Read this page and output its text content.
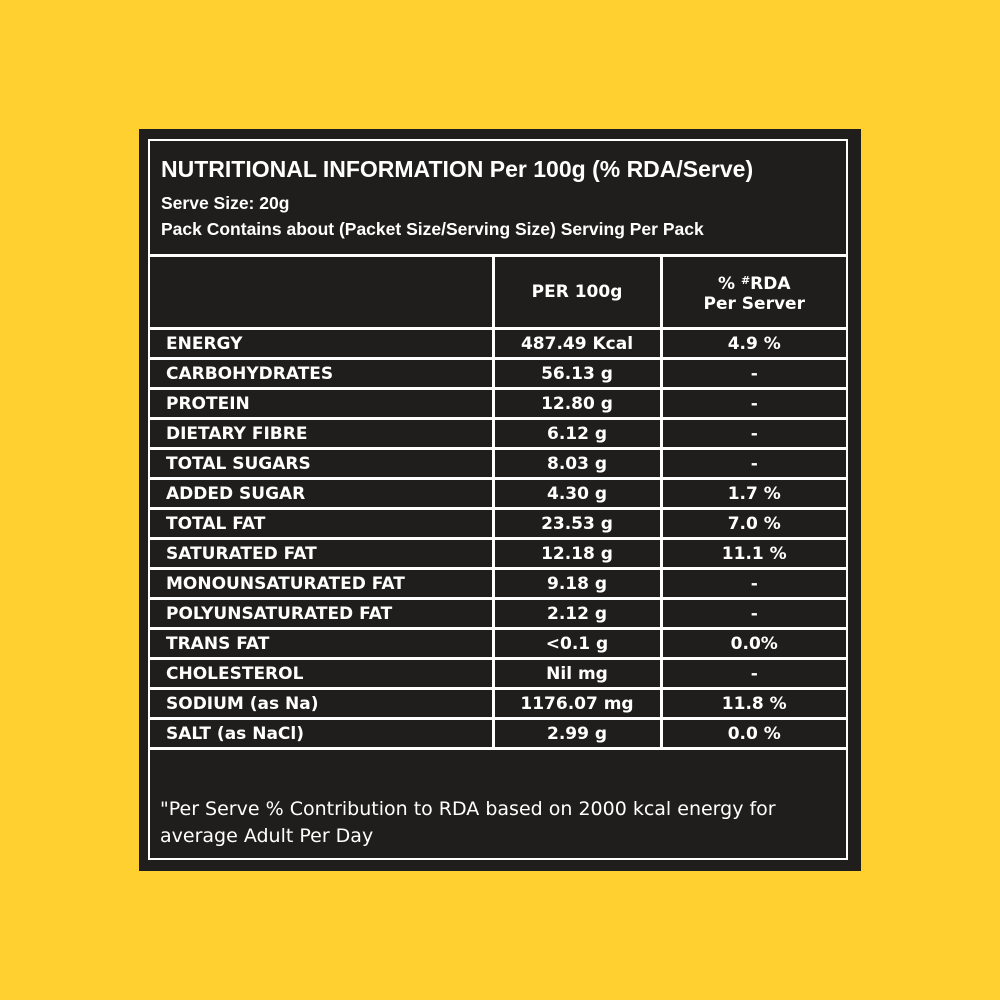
NUTRITIONAL INFORMATION Per 100g (% RDA/Serve)
Serve Size: 20g
Pack Contains about (Packet Size/Serving Size) Serving Per Pack
	PER 100g	% #RDA
Per Server
ENERGY	487.49 Kcal	4.9 %
CARBOHYDRATES	56.13 g	-
PROTEIN	12.80 g	-
DIETARY FIBRE	6.12 g	-
TOTAL SUGARS	8.03 g	-
ADDED SUGAR	4.30 g	1.7 %
TOTAL FAT	23.53 g	7.0 %
SATURATED FAT	12.18 g	11.1 %
MONOUNSATURATED FAT	9.18 g	-
POLYUNSATURATED FAT	2.12 g	-
TRANS FAT	<0.1 g	0.0%
CHOLESTEROL	Nil mg	-
SODIUM (as Na)	1176.07 mg	11.8 %
SALT (as NaCl)	2.99 g	0.0 %
"Per Serve % Contribution to RDA based on 2000 kcal energy for average Adult Per Day
